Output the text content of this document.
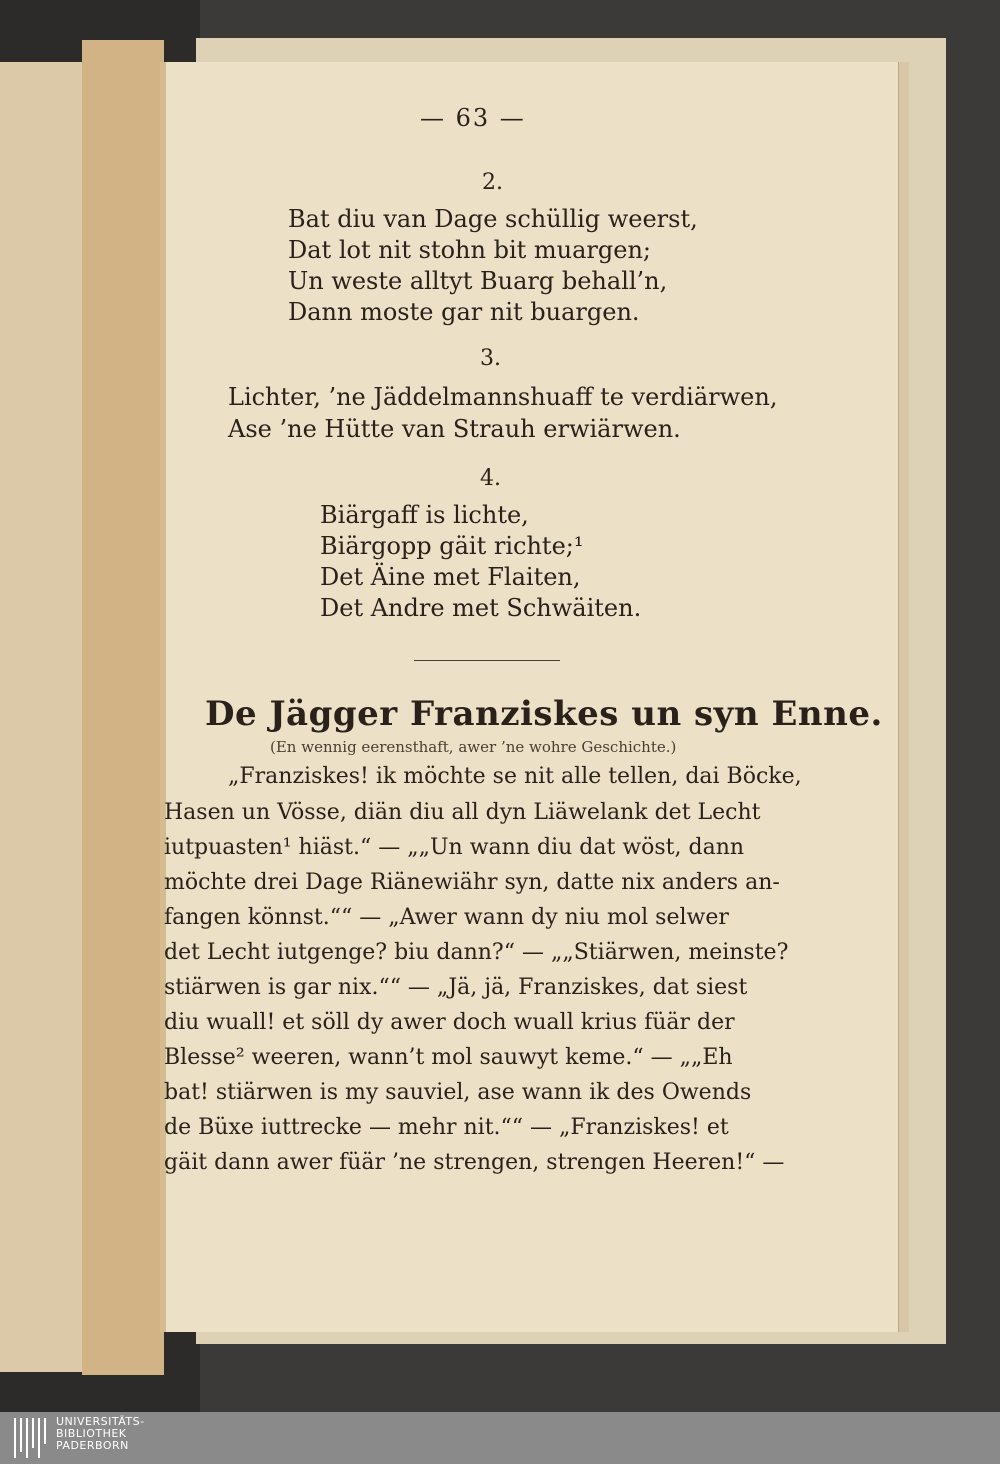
— 63 —
2.
Bat diu van Dage schüllig weerst,
Dat lot nit stohn bit muargen;
Un weste alltyt Buarg behall’n,
Dann moste gar nit buargen.
3.
Lichter, ’ne Jäddelmannshuaff te verdiärwen,
Ase ’ne Hütte van Strauh erwiärwen.
4.
Biärgaff is lichte,
Biärgopp gäit richte;¹
Det Äine met Flaiten,
Det Andre met Schwäiten.
De Jägger Franziskes un syn Enne.
(En wennig eerensthaft, awer ’ne wohre Geschichte.)
„Franziskes! ik möchte se nit alle tellen, dai Böcke,
Hasen un Vösse, diän diu all dyn Liäwelank det Lecht
iutpuasten¹ hiäst.“ — „„Un wann diu dat wöst, dann
möchte drei Dage Riänewiähr syn, datte nix anders an-
fangen könnst.““ — „Awer wann dy niu mol selwer
det Lecht iutgenge? biu dann?“ — „„Stiärwen, meinste?
stiärwen is gar nix.““ — „Jä, jä, Franziskes, dat siest
diu wuall! et söll dy awer doch wuall krius füär der
Blesse² weeren, wann’t mol sauwyt keme.“ — „„Eh
bat! stiärwen is my sauviel, ase wann ik des Owends
de Büxe iuttrecke — mehr nit.““ — „Franziskes! et
gäit dann awer füär ’ne strengen, strengen Heeren!“ —
UNIVERSITÄTS-
BIBLIOTHEK
PADERBORN
